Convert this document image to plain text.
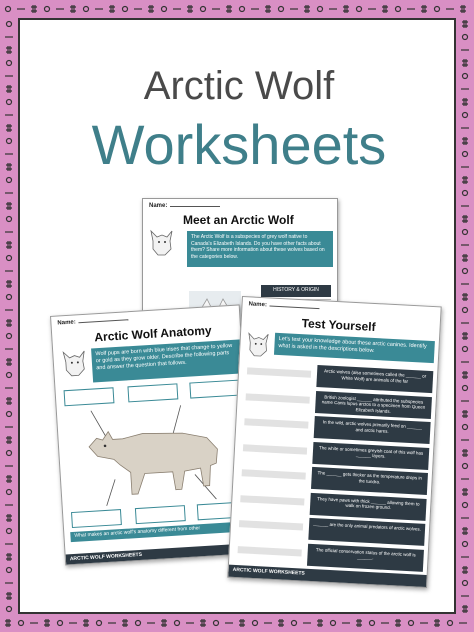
Arctic Wolf
Worksheets
Name:
Meet an Arctic Wolf
The Arctic Wolf is a subspecies of grey wolf native to Canada's Elizabeth Islands. Do you have other facts about them? Share more information about these wolves based on the categories below.
HISTORY & ORIGIN
Name:
Arctic Wolf Anatomy
Wolf pups are born with blue irises that change to yellow or gold as they grow older. Describe the following parts and answer the question that follows.
What makes an arctic wolf's anatomy different from other
ARCTIC WOLF WORKSHEETS
Name:
Test Yourself
Let's test your knowledge about these arctic canines. Identify what is asked in the descriptions below.
Arctic wolves (also sometimes called the ______ or White Wolf) are animals of the far
British zoologist ______ attributed the subspecies name Canis lupus arctos to a specimen from Queen Elizabeth Islands.
In the wild, arctic wolves primarily feed on ______ and arctic hares.
The white or sometimes greyish coat of this wolf has ______ layers.
The ______ gets thicker as the temperature drops in the tundra.
They have paws with thick ______ allowing them to walk on frozen ground.
______ are the only animal predators of arctic wolves.
The official conservation status of the arctic wolf is ______.
ARCTIC WOLF WORKSHEETS
